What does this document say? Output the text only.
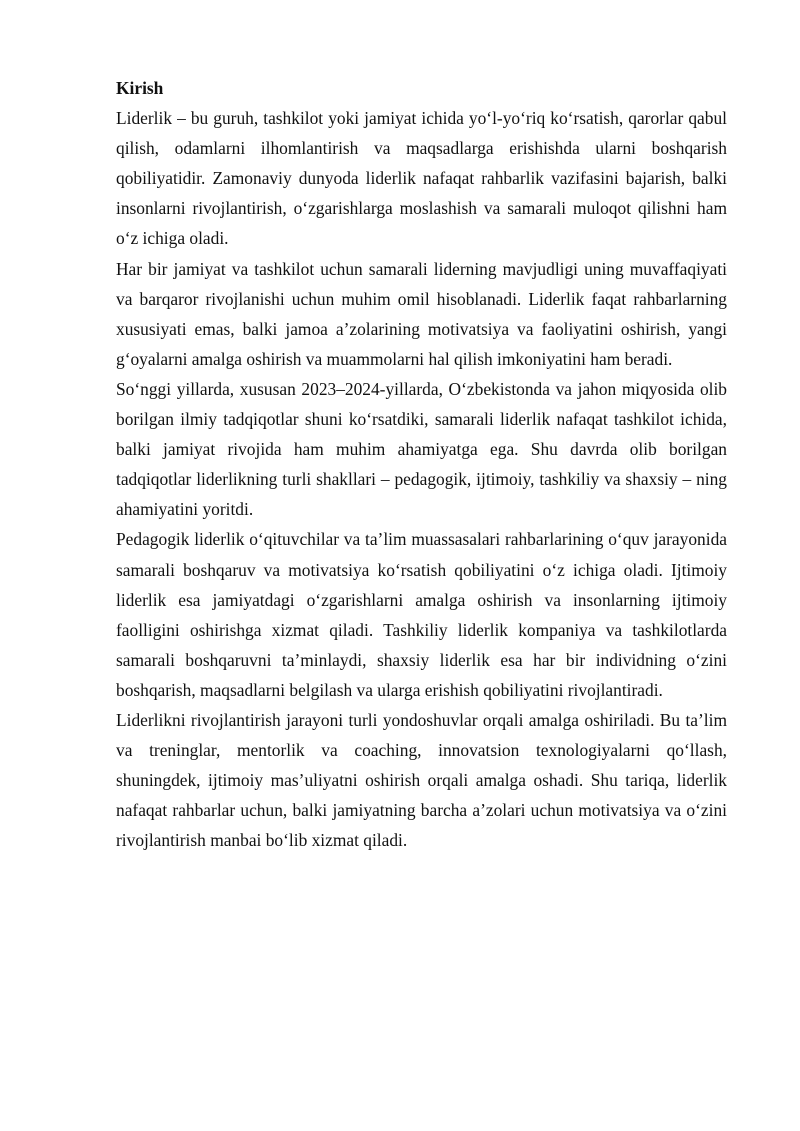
Kirish

Liderlik – bu guruh, tashkilot yoki jamiyat ichida yo‘l-yo‘riq ko‘rsatish, qarorlar qabul qilish, odamlarni ilhomlantirish va maqsadlarga erishishda ularni boshqarish qobiliyatidir. Zamonaviy dunyoda liderlik nafaqat rahbarlik vazifasini bajarish, balki insonlarni rivojlantirish, o‘zgarishlarga moslashish va samarali muloqot qilishni ham o‘z ichiga oladi.

Har bir jamiyat va tashkilot uchun samarali liderning mavjudligi uning muvaffaqiyati va barqaror rivojlanishi uchun muhim omil hisoblanadi. Liderlik faqat rahbarlarning xususiyati emas, balki jamoa a’zolarining motivatsiya va faoliyatini oshirish, yangi g‘oyalarni amalga oshirish va muammolarni hal qilish imkoniyatini ham beradi.

So‘nggi yillarda, xususan 2023–2024-yillarda, O‘zbekistonda va jahon miqyosida olib borilgan ilmiy tadqiqotlar shuni ko‘rsatdiki, samarali liderlik nafaqat tashkilot ichida, balki jamiyat rivojida ham muhim ahamiyatga ega. Shu davrda olib borilgan tadqiqotlar liderlikning turli shakllari – pedagogik, ijtimoiy, tashkiliy va shaxsiy – ning ahamiyatini yoritdi.

Pedagogik liderlik o‘qituvchilar va ta’lim muassasalari rahbarlarining o‘quv jarayonida samarali boshqaruv va motivatsiya ko‘rsatish qobiliyatini o‘z ichiga oladi. Ijtimoiy liderlik esa jamiyatdagi o‘zgarishlarni amalga oshirish va insonlarning ijtimoiy faolligini oshirishga xizmat qiladi. Tashkiliy liderlik kompaniya va tashkilotlarda samarali boshqaruvni ta’minlaydi, shaxsiy liderlik esa har bir individning o‘zini boshqarish, maqsadlarni belgilash va ularga erishish qobiliyatini rivojlantiradi.

Liderlikni rivojlantirish jarayoni turli yondoshuvlar orqali amalga oshiriladi. Bu ta’lim va treninglar, mentorlik va coaching, innovatsion texnologiyalarni qo‘llash, shuningdek, ijtimoiy mas’uliyatni oshirish orqali amalga oshadi. Shu tariqa, liderlik nafaqat rahbarlar uchun, balki jamiyatning barcha a’zolari uchun motivatsiya va o‘zini rivojlantirish manbai bo‘lib xizmat qiladi.
